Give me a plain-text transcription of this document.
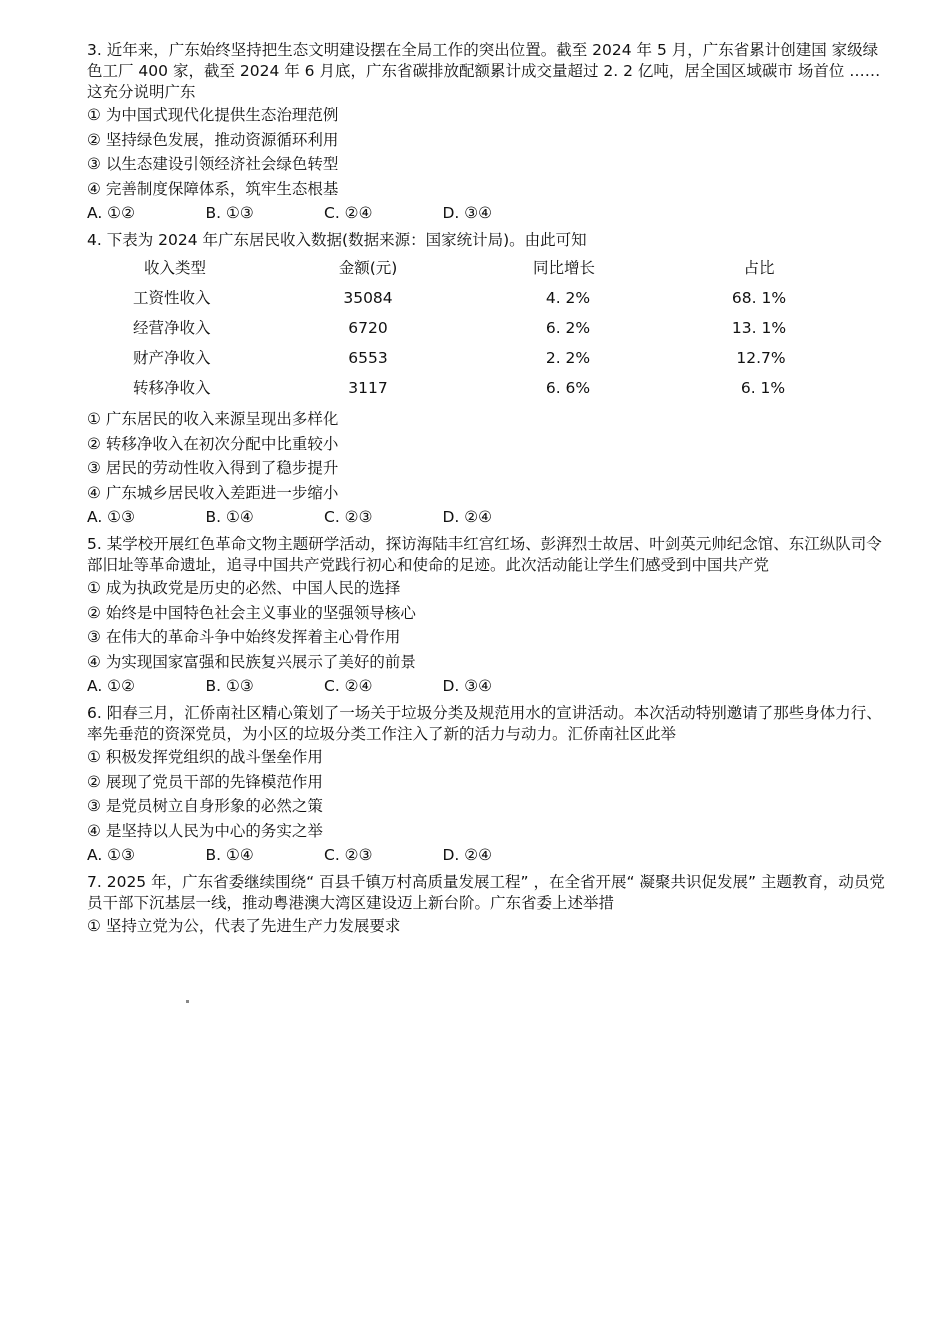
3. 近年来，广东始终坚持把生态文明建设摆在全局工作的突出位置。截至 2024 年 5 月，广东省累计创建国 家级绿色工厂 400 家，截至 2024 年 6 月底，广东省碳排放配额累计成交量超过 2. 2 亿吨，居全国区域碳市 场首位 ……这充分说明广东

① 为中国式现代化提供生态治理范例
② 坚持绿色发展，推动资源循环利用
③ 以生态建设引领经济社会绿色转型
④ 完善制度保障体系，筑牢生态根基
A. ①②	B. ①③	C. ②④	D. ③④

4. 下表为 2024 年广东居民收入数据(数据来源：国家统计局)。由此可知

收入类型	金额(元)	同比增长	占比
工资性收入	35084	4. 2%	68. 1%
经营净收入	6720	6. 2%	13. 1%
财产净收入	6553	2. 2%	12.7%
转移净收入	3117	6. 6%	6. 1%
① 广东居民的收入来源呈现出多样化
② 转移净收入在初次分配中比重较小
③ 居民的劳动性收入得到了稳步提升
④ 广东城乡居民收入差距进一步缩小
A. ①③	B. ①④	C. ②③	D. ②④

5. 某学校开展红色革命文物主题研学活动，探访海陆丰红宫红场、彭湃烈士故居、叶剑英元帅纪念馆、东江纵队司令部旧址等革命遗址，追寻中国共产党践行初心和使命的足迹。此次活动能让学生们感受到中国共产党

① 成为执政党是历史的必然、中国人民的选择
② 始终是中国特色社会主义事业的坚强领导核心
③ 在伟大的革命斗争中始终发挥着主心骨作用
④ 为实现国家富强和民族复兴展示了美好的前景
A. ①②	B. ①③	C. ②④	D. ③④

6. 阳春三月，汇侨南社区精心策划了一场关于垃圾分类及规范用水的宣讲活动。本次活动特别邀请了那些身体力行、率先垂范的资深党员，为小区的垃圾分类工作注入了新的活力与动力。汇侨南社区此举

① 积极发挥党组织的战斗堡垒作用
② 展现了党员干部的先锋模范作用
③ 是党员树立自身形象的必然之策
④ 是坚持以人民为中心的务实之举
A. ①③	B. ①④	C. ②③	D. ②④

7. 2025 年，广东省委继续围绕“ 百县千镇万村高质量发展工程” ，在全省开展“ 凝聚共识促发展” 主题教育，动员党员干部下沉基层一线，推动粤港澳大湾区建设迈上新台阶。广东省委上述举措

① 坚持立党为公，代表了先进生产力发展要求
